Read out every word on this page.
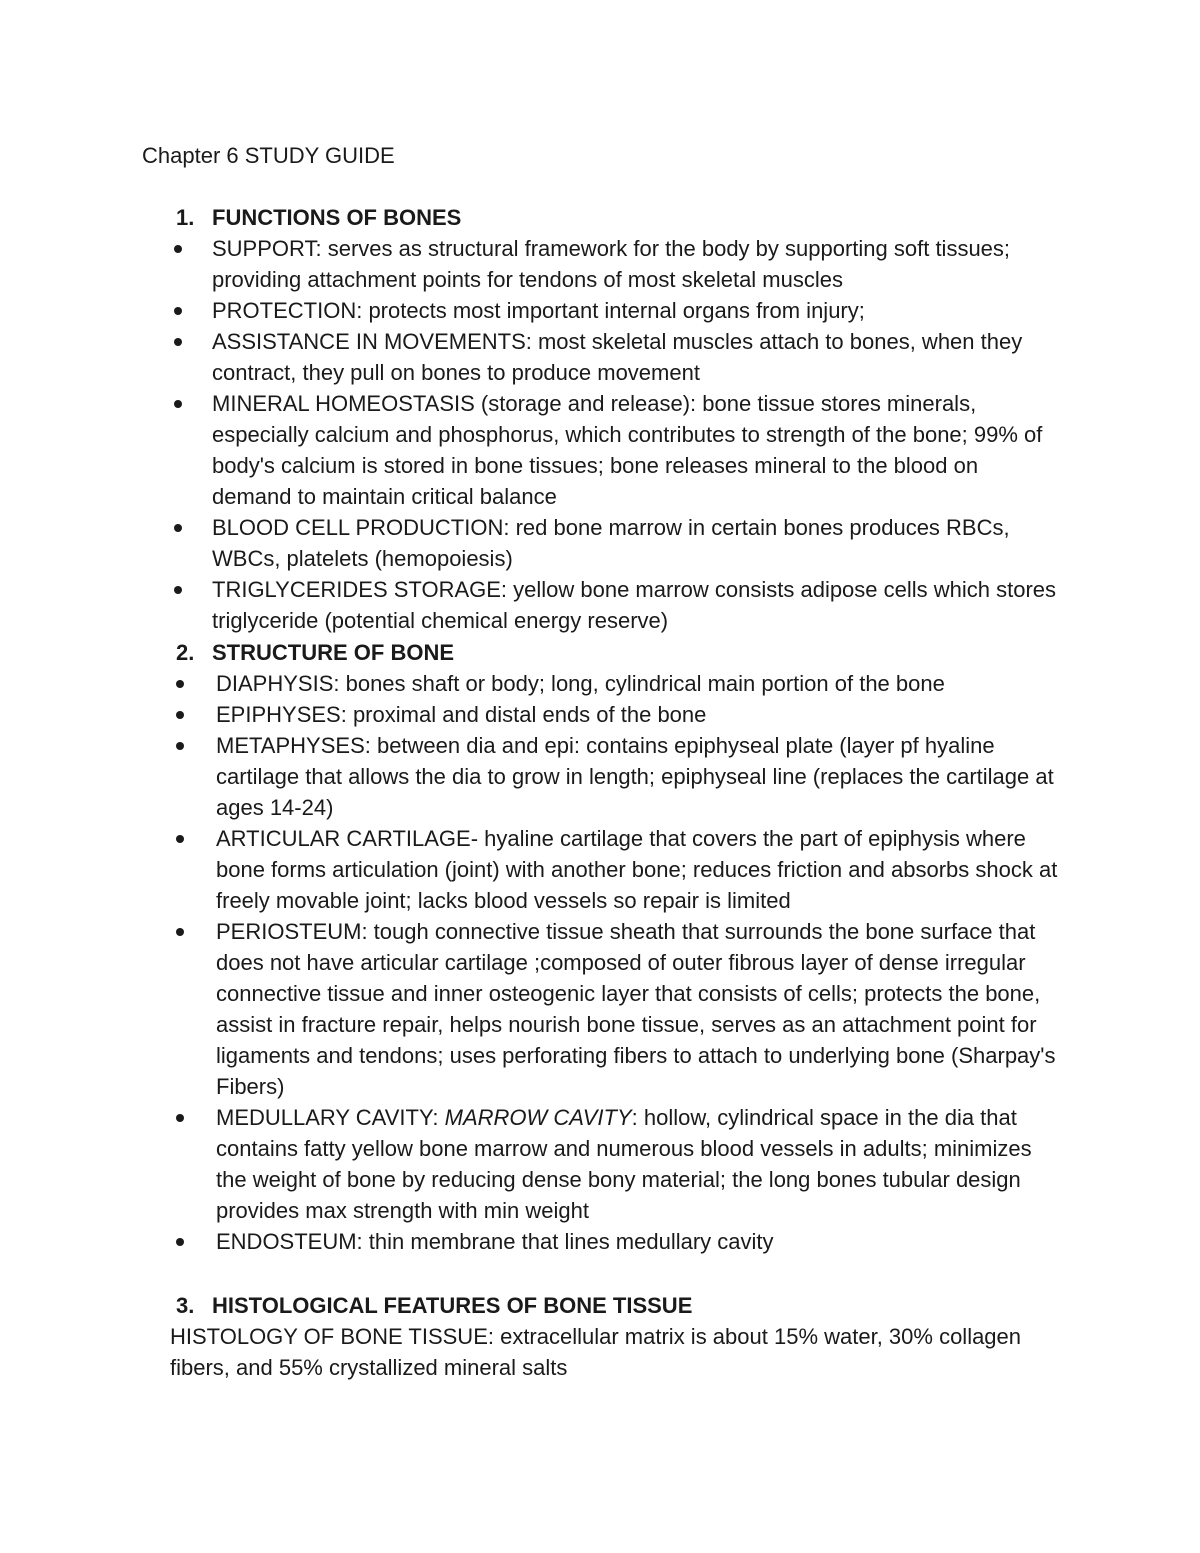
Chapter 6 STUDY GUIDE

1. FUNCTIONS OF BONES

SUPPORT: serves as structural framework for the body by supporting soft tissues; providing attachment points for tendons of most skeletal muscles
PROTECTION: protects most important internal organs from injury;
ASSISTANCE IN MOVEMENTS: most skeletal muscles attach to bones, when they contract, they pull on bones to produce movement
MINERAL HOMEOSTASIS (storage and release): bone tissue stores minerals, especially calcium and phosphorus, which contributes to strength of the bone; 99% of body's calcium is stored in bone tissues; bone releases mineral to the blood on demand to maintain critical balance
BLOOD CELL PRODUCTION: red bone marrow in certain bones produces RBCs, WBCs, platelets (hemopoiesis)
TRIGLYCERIDES STORAGE: yellow bone marrow consists adipose cells which stores triglyceride (potential chemical energy reserve)

2. STRUCTURE OF BONE

DIAPHYSIS: bones shaft or body; long, cylindrical main portion of the bone
EPIPHYSES: proximal and distal ends of the bone
METAPHYSES: between dia and epi: contains epiphyseal plate (layer pf hyaline cartilage that allows the dia to grow in length; epiphyseal line (replaces the cartilage at ages 14-24)
ARTICULAR CARTILAGE- hyaline cartilage that covers the part of epiphysis where bone forms articulation (joint) with another bone; reduces friction and absorbs shock at freely movable joint; lacks blood vessels so repair is limited
PERIOSTEUM: tough connective tissue sheath that surrounds the bone surface that does not have articular cartilage ;composed of outer fibrous layer of dense irregular connective tissue and inner osteogenic layer that consists of cells; protects the bone, assist in fracture repair, helps nourish bone tissue, serves as an attachment point for ligaments and tendons; uses perforating fibers to attach to underlying bone (Sharpay's Fibers)
MEDULLARY CAVITY: MARROW CAVITY: hollow, cylindrical space in the dia that contains fatty yellow bone marrow and numerous blood vessels in adults; minimizes the weight of bone by reducing dense bony material; the long bones tubular design provides max strength with min weight
ENDOSTEUM: thin membrane that lines medullary cavity

3. HISTOLOGICAL FEATURES OF BONE TISSUE

HISTOLOGY OF BONE TISSUE: extracellular matrix is about 15% water, 30% collagen fibers, and 55% crystallized mineral salts
